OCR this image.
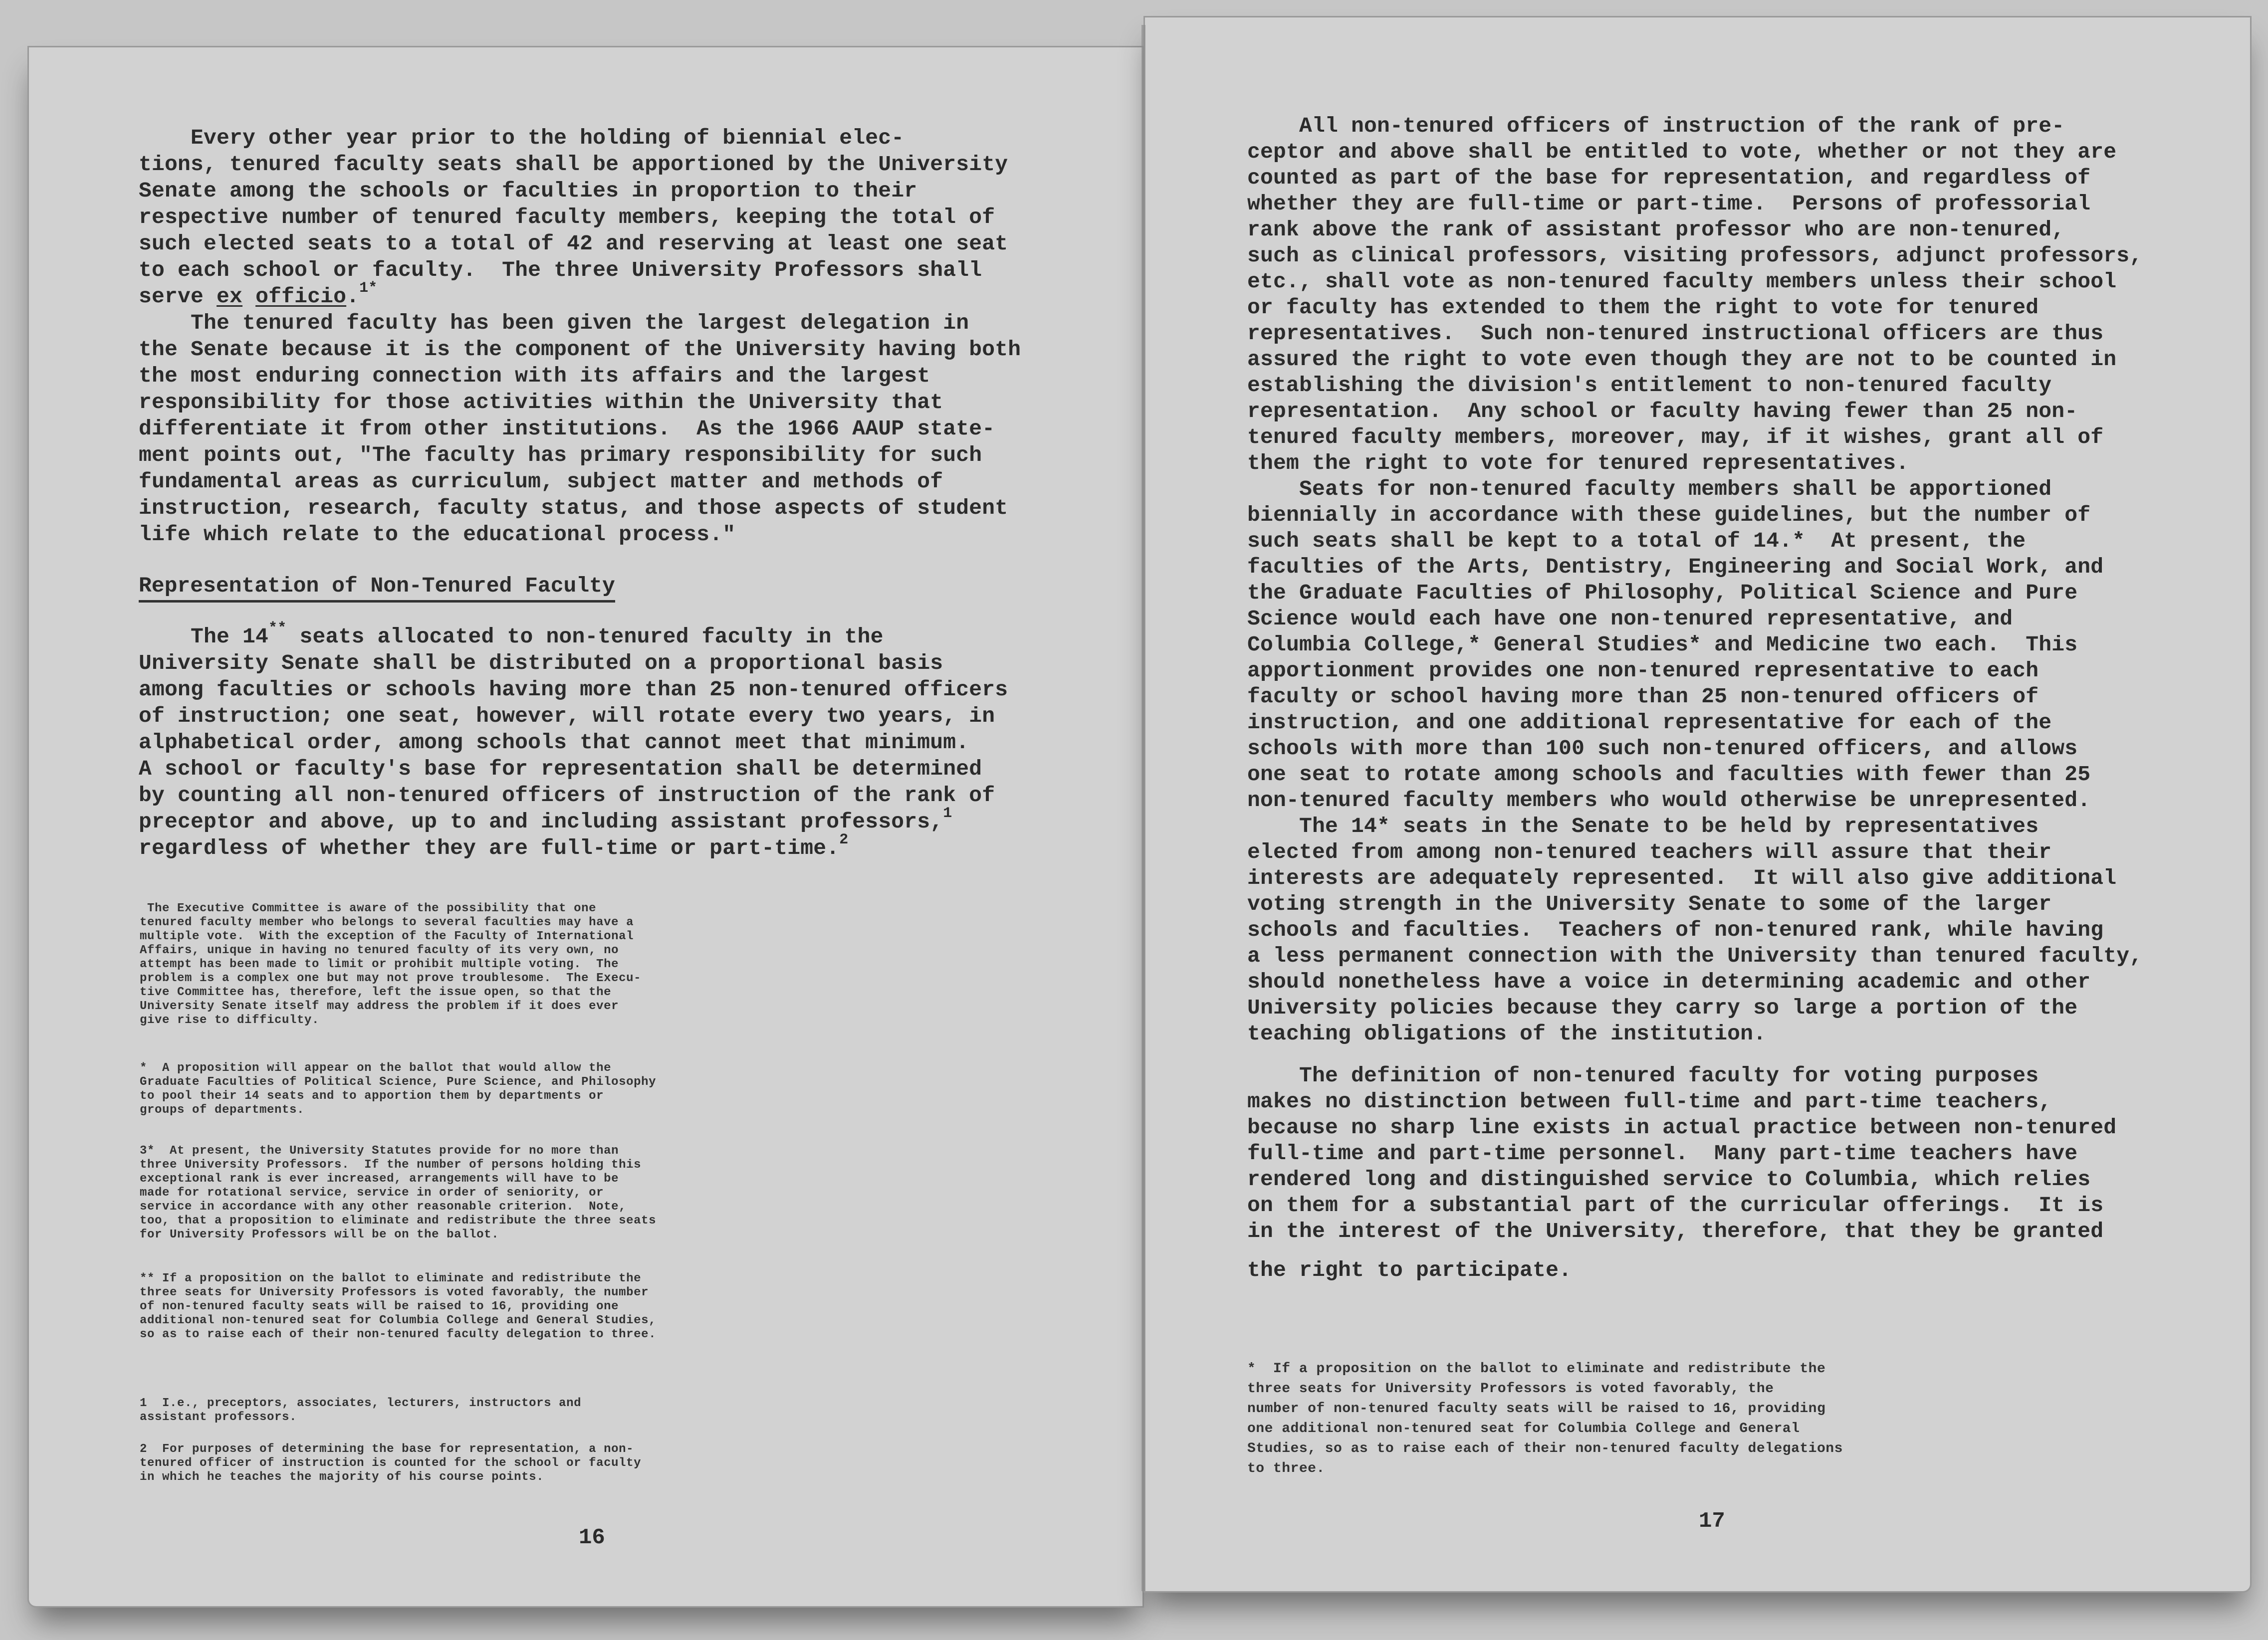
Every other year prior to the holding of biennial elec-
tions, tenured faculty seats shall be apportioned by the University
Senate among the schools or faculties in proportion to their
respective number of tenured faculty members, keeping the total of
such elected seats to a total of 42 and reserving at least one seat
to each school or faculty.  The three University Professors shall
serve ex officio.$^{1*}$
The tenured faculty has been given the largest delegation in
the Senate because it is the component of the University having both
the most enduring connection with its affairs and the largest
responsibility for those activities within the University that
differentiate it from other institutions.  As the 1966 AAUP state-
ment points out, "The faculty has primary responsibility for such
fundamental areas as curriculum, subject matter and methods of
instruction, research, faculty status, and those aspects of student
life which relate to the educational process."
Representation of Non-Tenured Faculty
The 14** seats allocated to non-tenured faculty in the
University Senate shall be distributed on a proportional basis
among faculties or schools having more than 25 non-tenured officers
of instruction; one seat, however, will rotate every two years, in
alphabetical order, among schools that cannot meet that minimum.
A school or faculty's base for representation shall be determined
by counting all non-tenured officers of instruction of the rank of
preceptor and above, up to and including assistant professors,$^1$
regardless of whether they are full-time or part-time.$^2$
The Executive Committee is aware of the possibility that one
tenured faculty member who belongs to several faculties may have a
multiple vote.  With the exception of the Faculty of International
Affairs, unique in having no tenured faculty of its very own, no
attempt has been made to limit or prohibit multiple voting.  The
problem is a complex one but may not prove troublesome.  The Execu-
tive Committee has, therefore, left the issue open, so that the
University Senate itself may address the problem if it does ever
give rise to difficulty.
*  A proposition will appear on the ballot that would allow the
Graduate Faculties of Political Science, Pure Science, and Philosophy
to pool their 14 seats and to apportion them by departments or
groups of departments.
3*  At present, the University Statutes provide for no more than
three University Professors.  If the number of persons holding this
exceptional rank is ever increased, arrangements will have to be
made for rotational service, service in order of seniority, or
service in accordance with any other reasonable criterion.  Note,
too, that a proposition to eliminate and redistribute the three seats
for University Professors will be on the ballot.
** If a proposition on the ballot to eliminate and redistribute the
three seats for University Professors is voted favorably, the number
of non-tenured faculty seats will be raised to 16, providing one
additional non-tenured seat for Columbia College and General Studies,
so as to raise each of their non-tenured faculty delegation to three.
1  I.e., preceptors, associates, lecturers, instructors and
assistant professors.
2  For purposes of determining the base for representation, a non-
tenured officer of instruction is counted for the school or faculty
in which he teaches the majority of his course points.
16
All non-tenured officers of instruction of the rank of pre-
ceptor and above shall be entitled to vote, whether or not they are
counted as part of the base for representation, and regardless of
whether they are full-time or part-time.  Persons of professorial
rank above the rank of assistant professor who are non-tenured,
such as clinical professors, visiting professors, adjunct professors,
etc., shall vote as non-tenured faculty members unless their school
or faculty has extended to them the right to vote for tenured
representatives.  Such non-tenured instructional officers are thus
assured the right to vote even though they are not to be counted in
establishing the division's entitlement to non-tenured faculty
representation.  Any school or faculty having fewer than 25 non-
tenured faculty members, moreover, may, if it wishes, grant all of
them the right to vote for tenured representatives.
Seats for non-tenured faculty members shall be apportioned
biennially in accordance with these guidelines, but the number of
such seats shall be kept to a total of 14.*  At present, the
faculties of the Arts, Dentistry, Engineering and Social Work, and
the Graduate Faculties of Philosophy, Political Science and Pure
Science would each have one non-tenured representative, and
Columbia College,* General Studies* and Medicine two each.  This
apportionment provides one non-tenured representative to each
faculty or school having more than 25 non-tenured officers of
instruction, and one additional representative for each of the
schools with more than 100 such non-tenured officers, and allows
one seat to rotate among schools and faculties with fewer than 25
non-tenured faculty members who would otherwise be unrepresented.
The 14* seats in the Senate to be held by representatives
elected from among non-tenured teachers will assure that their
interests are adequately represented.  It will also give additional
voting strength in the University Senate to some of the larger
schools and faculties.  Teachers of non-tenured rank, while having
a less permanent connection with the University than tenured faculty,
should nonetheless have a voice in determining academic and other
University policies because they carry so large a portion of the
teaching obligations of the institution.
The definition of non-tenured faculty for voting purposes
makes no distinction between full-time and part-time teachers,
because no sharp line exists in actual practice between non-tenured
full-time and part-time personnel.  Many part-time teachers have
rendered long and distinguished service to Columbia, which relies
on them for a substantial part of the curricular offerings.  It is
in the interest of the University, therefore, that they be granted
the right to participate.
*  If a proposition on the ballot to eliminate and redistribute the
three seats for University Professors is voted favorably, the
number of non-tenured faculty seats will be raised to 16, providing
one additional non-tenured seat for Columbia College and General
Studies, so as to raise each of their non-tenured faculty delegations
to three.
17
